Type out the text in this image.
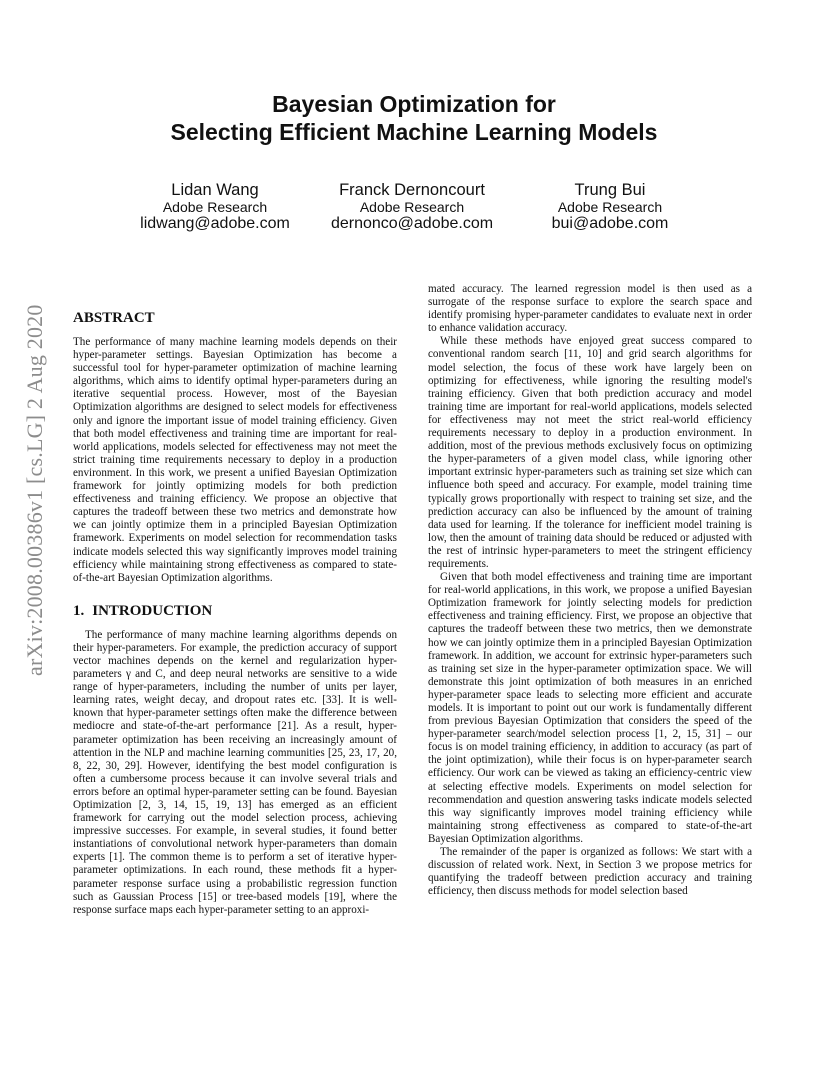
Bayesian Optimization for
Selecting Efficient Machine Learning Models
Lidan Wang
Adobe Research
lidwang@adobe.com
Franck Dernoncourt
Adobe Research
dernonco@adobe.com
Trung Bui
Adobe Research
bui@adobe.com
arXiv:2008.00386v1 [cs.LG] 2 Aug 2020	ABSTRACT

The performance of many machine learning models depends on their hyper-parameter settings. Bayesian Optimization has become a successful tool for hyper-parameter optimization of machine learning algorithms, which aims to identify optimal hyper-parameters during an iterative sequential process. However, most of the Bayesian Optimization algorithms are designed to select models for effectiveness only and ignore the important issue of model training efficiency. Given that both model effectiveness and training time are important for real-world applications, models selected for effectiveness may not meet the strict training time requirements necessary to deploy in a production environment. In this work, we present a unified Bayesian Optimization framework for jointly optimizing models for both prediction effectiveness and training efficiency. We propose an objective that captures the tradeoff between these two metrics and demonstrate how we can jointly optimize them in a principled Bayesian Optimization framework. Experiments on model selection for recommendation tasks indicate models selected this way significantly improves model training efficiency while maintaining strong effectiveness as compared to state-of-the-art Bayesian Optimization algorithms.

1. INTRODUCTION

The performance of many machine learning algorithms depends on their hyper-parameters. For example, the prediction accuracy of support vector machines depends on the kernel and regularization hyper-parameters γ and C, and deep neural networks are sensitive to a wide range of hyper-parameters, including the number of units per layer, learning rates, weight decay, and dropout rates etc. [33]. It is well-known that hyper-parameter settings often make the difference between mediocre and state-of-the-art performance [21]. As a result, hyper-parameter optimization has been receiving an increasingly amount of attention in the NLP and machine learning communities [25, 23, 17, 20, 8, 22, 30, 29]. However, identifying the best model configuration is often a cumbersome process because it can involve several trials and errors before an optimal hyper-parameter setting can be found. Bayesian Optimization [2, 3, 14, 15, 19, 13] has emerged as an efficient framework for carrying out the model selection process, achieving impressive successes. For example, in several studies, it found better instantiations of convolutional network hyper-parameters than domain experts [1]. The common theme is to perform a set of iterative hyper-parameter optimizations. In each round, these methods fit a hyper-parameter response surface using a probabilistic regression function such as Gaussian Process [15] or tree-based models [19], where the response surface maps each hyper-parameter setting to an approxi-

mated accuracy. The learned regression model is then used as a surrogate of the response surface to explore the search space and identify promising hyper-parameter candidates to evaluate next in order to enhance validation accuracy.

While these methods have enjoyed great success compared to conventional random search [11, 10] and grid search algorithms for model selection, the focus of these work have largely been on optimizing for effectiveness, while ignoring the resulting model's training efficiency. Given that both prediction accuracy and model training time are important for real-world applications, models selected for effectiveness may not meet the strict real-world efficiency requirements necessary to deploy in a production environment. In addition, most of the previous methods exclusively focus on optimizing the hyper-parameters of a given model class, while ignoring other important extrinsic hyper-parameters such as training set size which can influence both speed and accuracy. For example, model training time typically grows proportionally with respect to training set size, and the prediction accuracy can also be influenced by the amount of training data used for learning. If the tolerance for inefficient model training is low, then the amount of training data should be reduced or adjusted with the rest of intrinsic hyper-parameters to meet the stringent efficiency requirements.

Given that both model effectiveness and training time are important for real-world applications, in this work, we propose a unified Bayesian Optimization framework for jointly selecting models for prediction effectiveness and training efficiency. First, we propose an objective that captures the tradeoff between these two metrics, then we demonstrate how we can jointly optimize them in a principled Bayesian Optimization framework. In addition, we account for extrinsic hyper-parameters such as training set size in the hyper-parameter optimization space. We will demonstrate this joint optimization of both measures in an enriched hyper-parameter space leads to selecting more efficient and accurate models. It is important to point out our work is fundamentally different from previous Bayesian Optimization that considers the speed of the hyper-parameter search/model selection process [1, 2, 15, 31] – our focus is on model training efficiency, in addition to accuracy (as part of the joint optimization), while their focus is on hyper-parameter search efficiency. Our work can be viewed as taking an efficiency-centric view at selecting effective models. Experiments on model selection for recommendation and question answering tasks indicate models selected this way significantly improves model training efficiency while maintaining strong effectiveness as compared to state-of-the-art Bayesian Optimization algorithms.

The remainder of the paper is organized as follows: We start with a discussion of related work. Next, in Section 3 we propose metrics for quantifying the tradeoff between prediction accuracy and training efficiency, then discuss methods for model selection based
